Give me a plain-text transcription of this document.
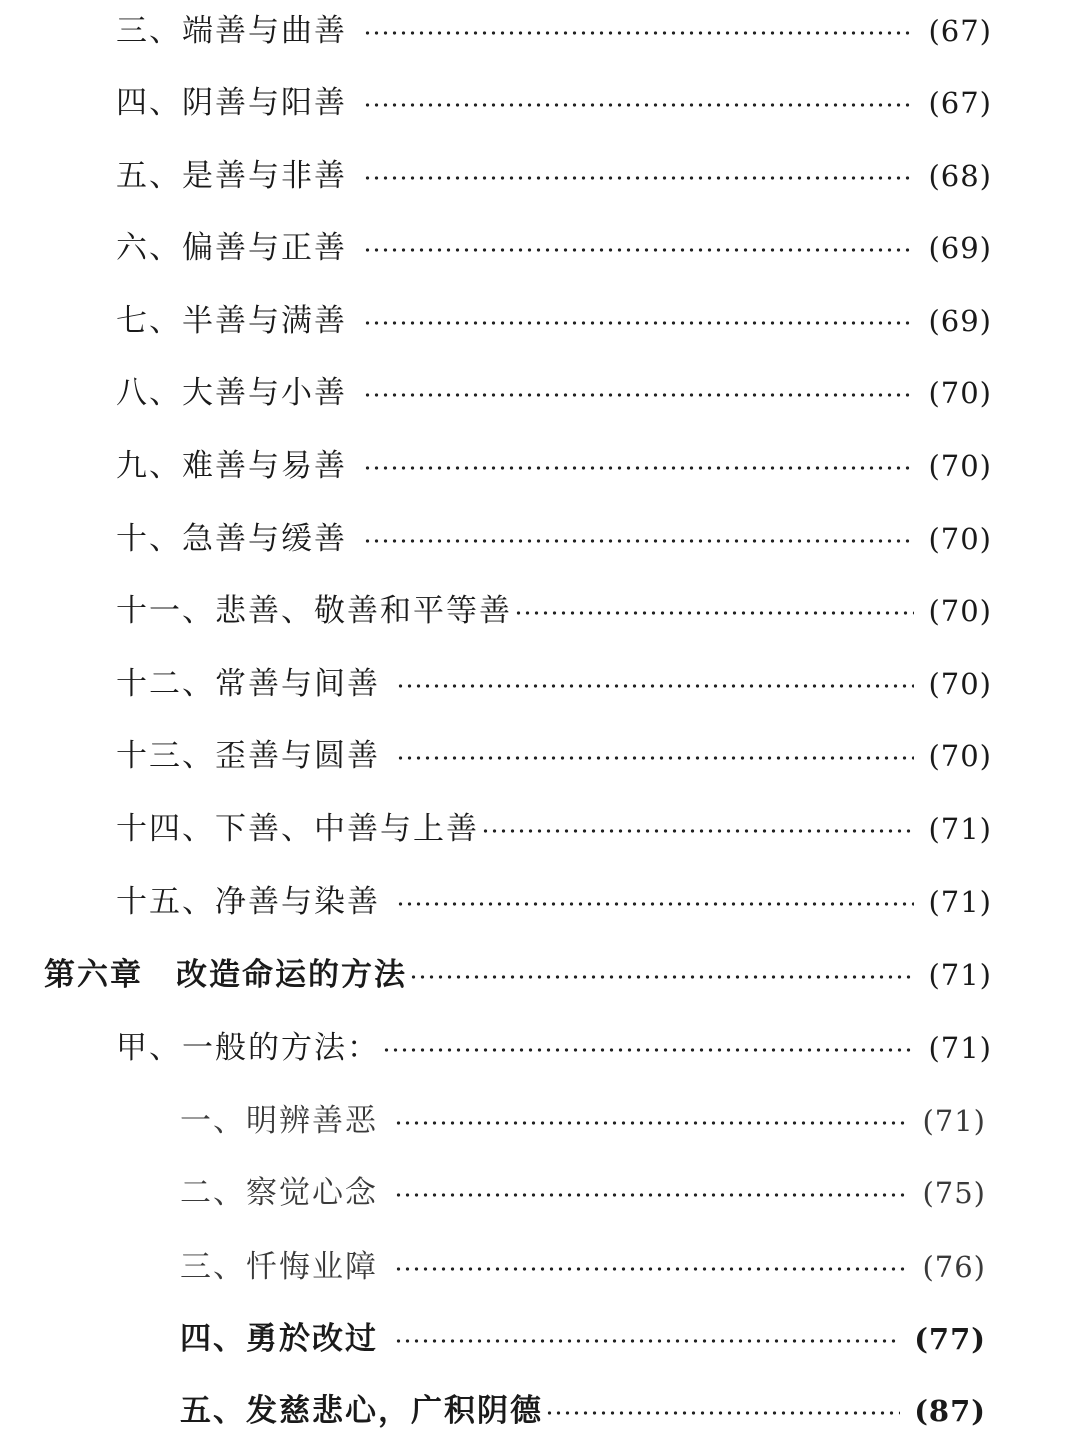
三、端善与曲善	(67)
四、阴善与阳善	(67)
五、是善与非善	(68)
六、偏善与正善	(69)
七、半善与满善	(69)
八、大善与小善	(70)
九、难善与易善	(70)
十、急善与缓善	(70)
十一、悲善、敬善和平等善	(70)
十二、常善与间善	(70)
十三、歪善与圆善	(70)
十四、下善、中善与上善	(71)
十五、净善与染善	(71)
第六章　改造命运的方法	(71)
甲、一般的方法：	(71)
一、明辨善恶	(71)
二、察觉心念	(75)
三、忏悔业障	(76)
四、勇於改过	(77)
五、发慈悲心，广积阴德	(87)
